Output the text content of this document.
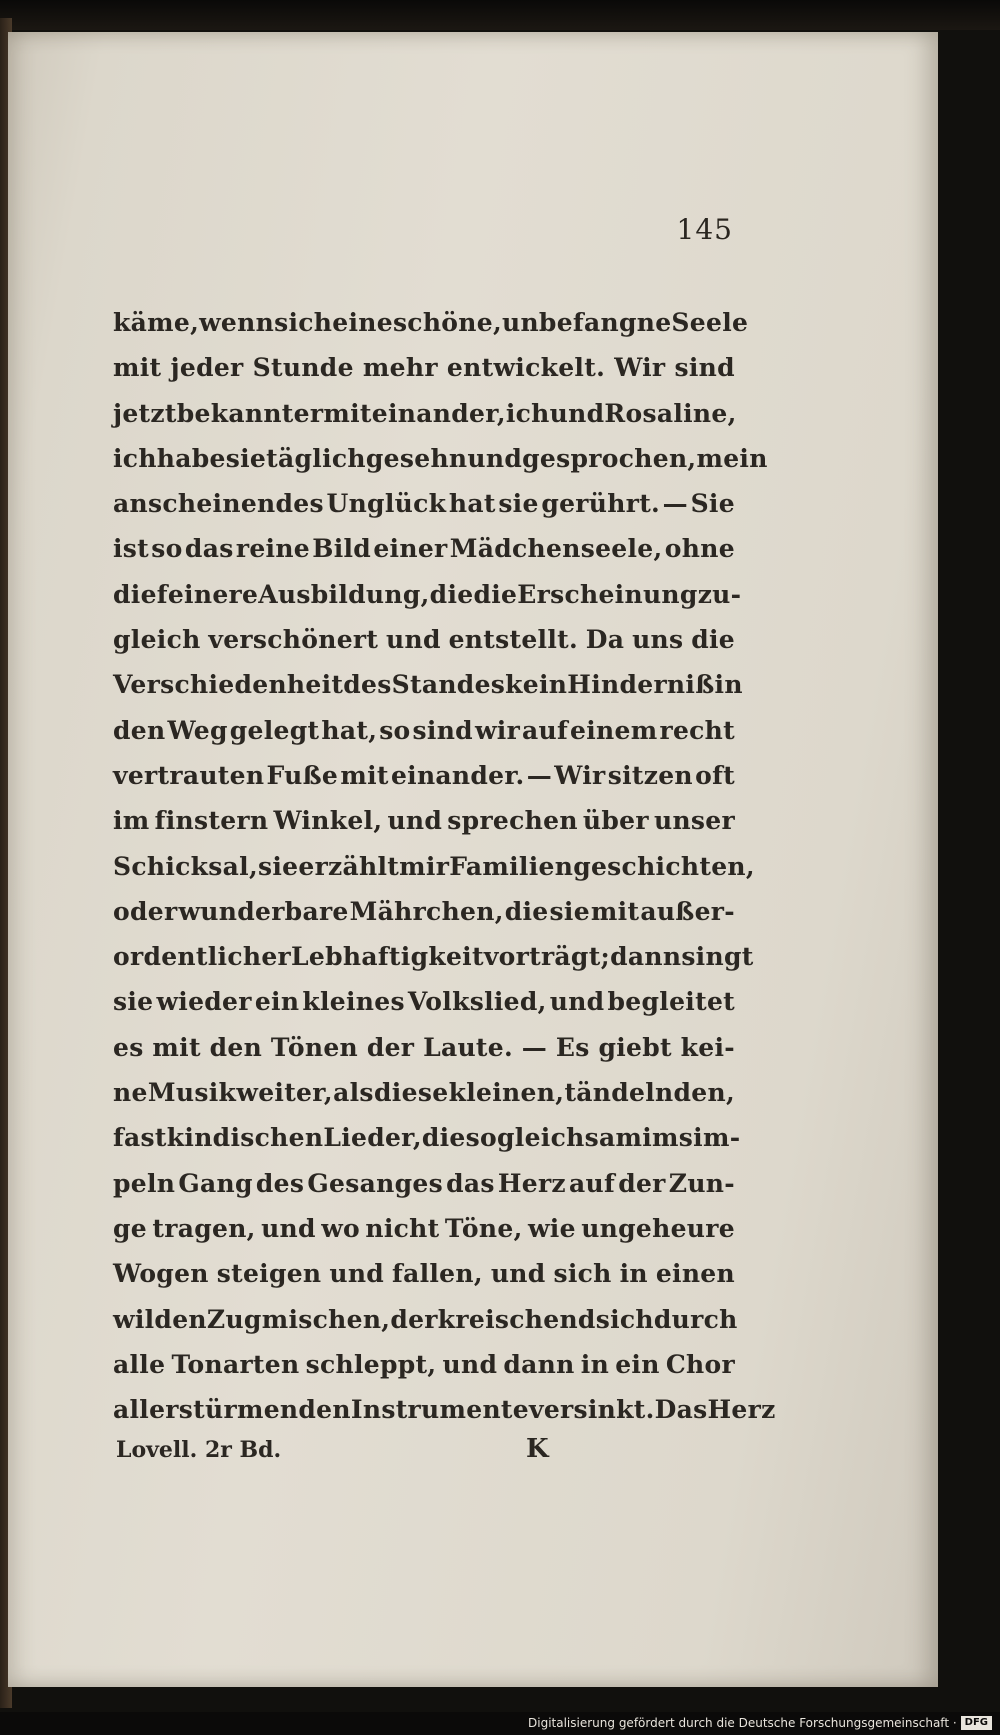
145
käme, wenn sich eine schöne, unbefangne Seele
mit jeder Stunde mehr entwickelt. Wir sind
jetzt bekannter mit einander, ich und Rosaline,
ich habe sie täglich gesehn und gesprochen, mein
anscheinendes Unglück hat sie gerührt. — Sie
ist so das reine Bild einer Mädchenseele, ohne
die feinere Ausbildung, die die Erscheinung zu-
gleich verschönert und entstellt. Da uns die
Verschiedenheit des Standes kein Hinderniß in
den Weg gelegt hat, so sind wir auf einem recht
vertrauten Fuße mit einander. — Wir sitzen oft
im finstern Winkel, und sprechen über unser
Schicksal, sie erzählt mir Familiengeschichten,
oder wunderbare Mährchen, die sie mit außer-
ordentlicher Lebhaftigkeit vorträgt; dann singt
sie wieder ein kleines Volkslied, und begleitet
es mit den Tönen der Laute. — Es giebt kei-
ne Musik weiter, als diese kleinen, tändelnden,
fast kindischen Lieder, die so gleichsam im sim-
peln Gang des Gesanges das Herz auf der Zun-
ge tragen, und wo nicht Töne, wie ungeheure
Wogen steigen und fallen, und sich in einen
wilden Zug mischen, der kreischend sich durch
alle Tonarten schleppt, und dann in ein Chor
aller stürmenden Instrumente versinkt. Das Herz
Lovell. 2r Bd.	K
Digitalisierung gefördert durch die Deutsche Forschungsgemeinschaft · DFG
